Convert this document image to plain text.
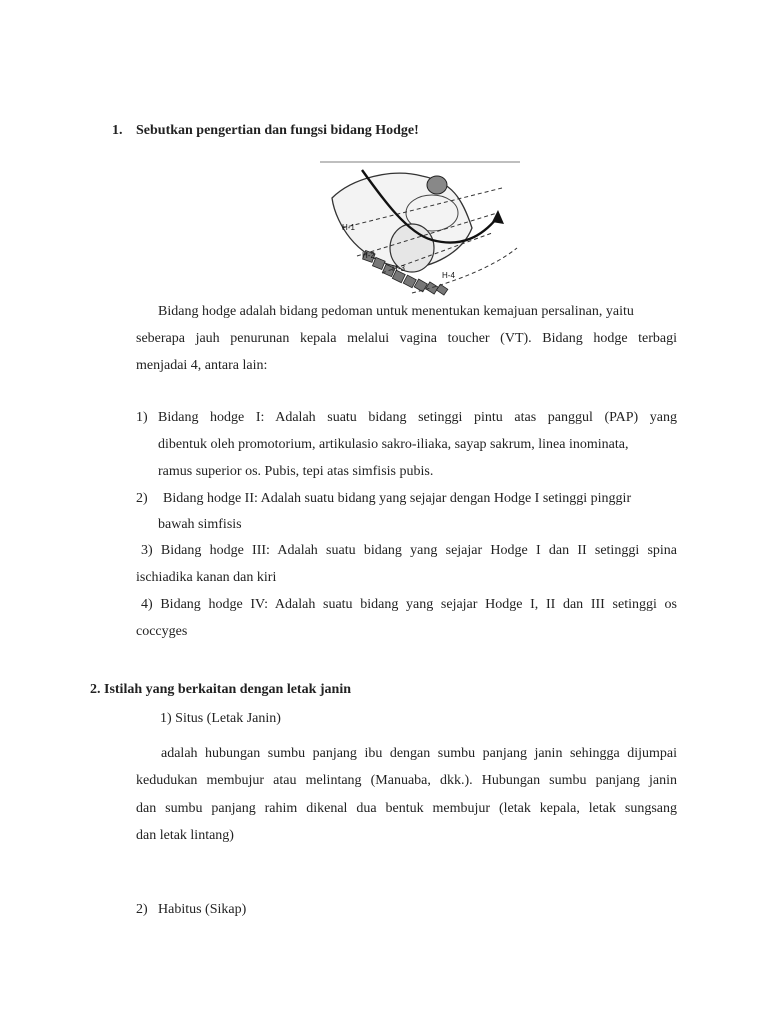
1. Sebutkan pengertian dan fungsi bidang Hodge!
H-1
H-2
H-3
H-4
Bidang hodge adalah bidang pedoman untuk menentukan kemajuan persalinan, yaitu
seberapa jauh penurunan kepala melalui vagina toucher (VT). Bidang hodge terbagi
menjadai 4, antara lain:
1) Bidang hodge I: Adalah suatu bidang setinggi pintu atas panggul (PAP) yang
dibentuk oleh promotorium, artikulasio sakro-iliaka, sayap sakrum, linea inominata,
ramus superior os. Pubis, tepi atas simfisis pubis.
2) Bidang hodge II: Adalah suatu bidang yang sejajar dengan Hodge I setinggi pinggir
bawah simfisis
3) Bidang hodge III: Adalah suatu bidang yang sejajar Hodge I dan II setinggi spina
ischiadika kanan dan kiri
4) Bidang hodge IV: Adalah suatu bidang yang sejajar Hodge I, II dan III setinggi os
coccyges
2. Istilah yang berkaitan dengan letak janin
1) Situs (Letak Janin)
adalah hubungan sumbu panjang ibu dengan sumbu panjang janin sehingga dijumpai
kedudukan membujur atau melintang (Manuaba, dkk.). Hubungan sumbu panjang janin
dan sumbu panjang rahim dikenal dua bentuk membujur (letak kepala, letak sungsang
dan letak lintang)
2) Habitus (Sikap)
